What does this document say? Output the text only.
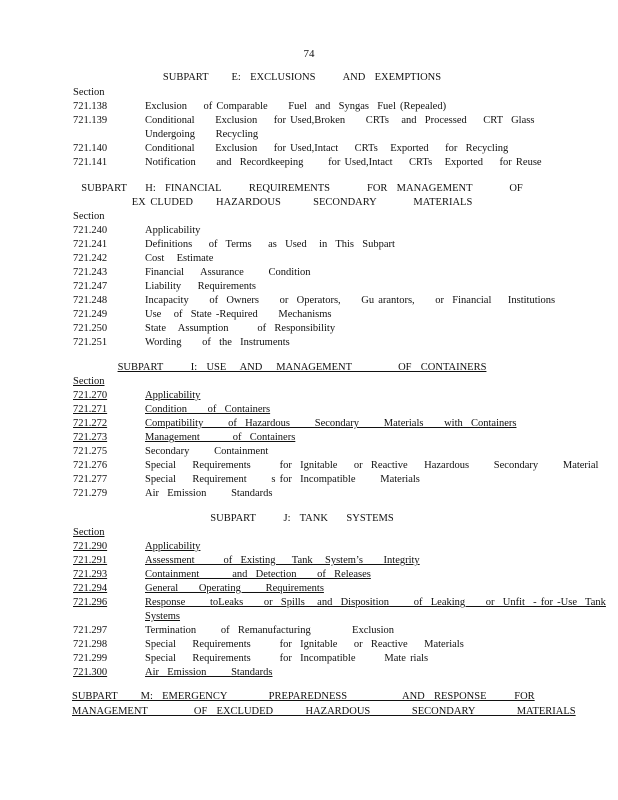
74
SUBPART     E:  EXCLUSIONS      AND  EXEMPTIONS
Section
721.138	Exclusion    of Comparable     Fuel  and  Syngas  Fuel (Repealed)
721.139	Conditional     Exclusion    for Used,Broken     CRTs   and  Processed    CRT  Glass
Undergoing     Recycling
721.140	Conditional     Exclusion    for Used,Intact    CRTs   Exported    for  Recycling
721.141	Notification     and  Recordkeeping      for Used,Intact    CRTs   Exported    for Reuse
SUBPART    H:  FINANCIAL      REQUIREMENTS        FOR  MANAGEMENT        OF
EX CLUDED     HAZARDOUS       SECONDARY        MATERIALS
Section
721.240	Applicability
721.241	Definitions    of  Terms    as  Used   in  This  Subpart
721.242	Cost   Estimate
721.243	Financial    Assurance      Condition
721.247	Liability    Requirements
721.248	Incapacity     of  Owners     or  Operators,     Gu arantors,     or  Financial    Institutions
721.249	Use   of  State -Required     Mechanisms
721.250	State   Assumption       of  Responsibility
721.251	Wording     of  the  Instruments
SUBPART      I:  USE   AND   MANAGEMENT          OF  CONTAINERS
Section
721.270	Applicability
721.271	Condition     of  Containers
721.272	Compatibility      of  Hazardous      Secondary      Materials     with  Containers
721.273	Management        of  Containers
721.275	Secondary      Containment
721.276	Special    Requirements       for  Ignitable    or  Reactive    Hazardous      Secondary      Material
721.277	Special    Requirement      s for  Incompatible      Materials
721.279	Air  Emission      Standards
SUBPART      J:  TANK    SYSTEMS
Section
721.290	Applicability
721.291	Assessment       of  Existing    Tank   System’s     Integrity
721.293	Containment        and  Detection     of  Releases
721.294	General     Operating      Requirements
721.296	Response      toLeaks     or  Spills   and  Disposition      of  Leaking     or  Unfit  - for -Use  Tank
Systems
721.297	Termination      of  Remanufacturing          Exclusion
721.298	Special    Requirements       for  Ignitable    or  Reactive    Materials
721.299	Special    Requirements       for  Incompatible       Mate rials
721.300	Air  Emission      Standards
SUBPART     M:  EMERGENCY         PREPAREDNESS            AND  RESPONSE      FOR
MANAGEMENT          OF  EXCLUDED       HAZARDOUS         SECONDARY         MATERIALS
